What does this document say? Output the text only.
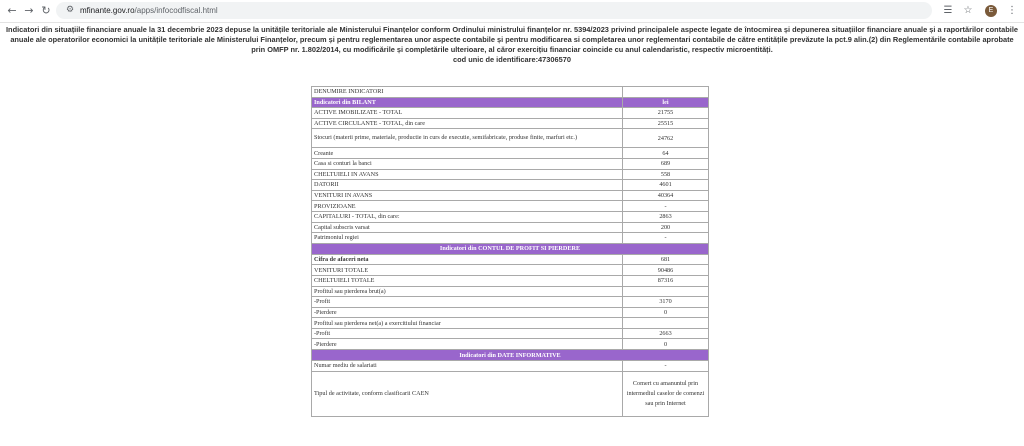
← → ↻	⚙ mfinante.gov.ro/apps/infocodfiscal.html	☰	☆	E	⋮
Indicatori din situațiile financiare anuale la 31 decembrie 2023 depuse la unitățile teritoriale ale Ministerului Finanțelor conform Ordinului ministrului finanțelor nr. 5394/2023 privind principalele aspecte legate de întocmirea și depunerea situațiilor financiare anuale și a raportărilor contabile
anuale ale operatorilor economici la unitățile teritoriale ale Ministerului Finanțelor, precum și pentru reglementarea unor aspecte contabile și pentru modificarea si completarea unor reglementari contabile de către entitățile prevăzute la pct.9 alin.(2) din Reglementările contabile aprobate
prin OMFP nr. 1.802/2014, cu modificările și completările ulterioare, al căror exercițiu financiar coincide cu anul calendaristic, respectiv microentități.
cod unic de identificare:47306570
DENUMIRE INDICATORI	
Indicatori din BILANT	lei
ACTIVE IMOBILIZATE - TOTAL	21755
ACTIVE CIRCULANTE - TOTAL, din care	25515
Stocuri (materii prime, materiale, productie in curs de executie, semifabricate, produse finite, marfuri etc.)	24762
Creante	64
Casa si conturi la banci	689
CHELTUIELI IN AVANS	558
DATORII	4601
VENITURI IN AVANS	40364
PROVIZIOANE	-
CAPITALURI - TOTAL, din care:	2863
Capital subscris varsat	200
Patrimoniul regiei	-
Indicatori din CONTUL DE PROFIT SI PIERDERE	
Cifra de afaceri neta	681
VENITURI TOTALE	90486
CHELTUIELI TOTALE	87316
Profitul sau pierderea brut(a)	
-Profit	3170
-Pierdere	0
Profitul sau pierderea net(a) a exercitiului financiar	
-Profit	2663
-Pierdere	0
Indicatori din DATE INFORMATIVE	
Numar mediu de salariati	-
Tipul de activitate, conform clasificarii CAEN	Comert cu amanuntul prin intermediul caselor de comenzi sau prin Internet
